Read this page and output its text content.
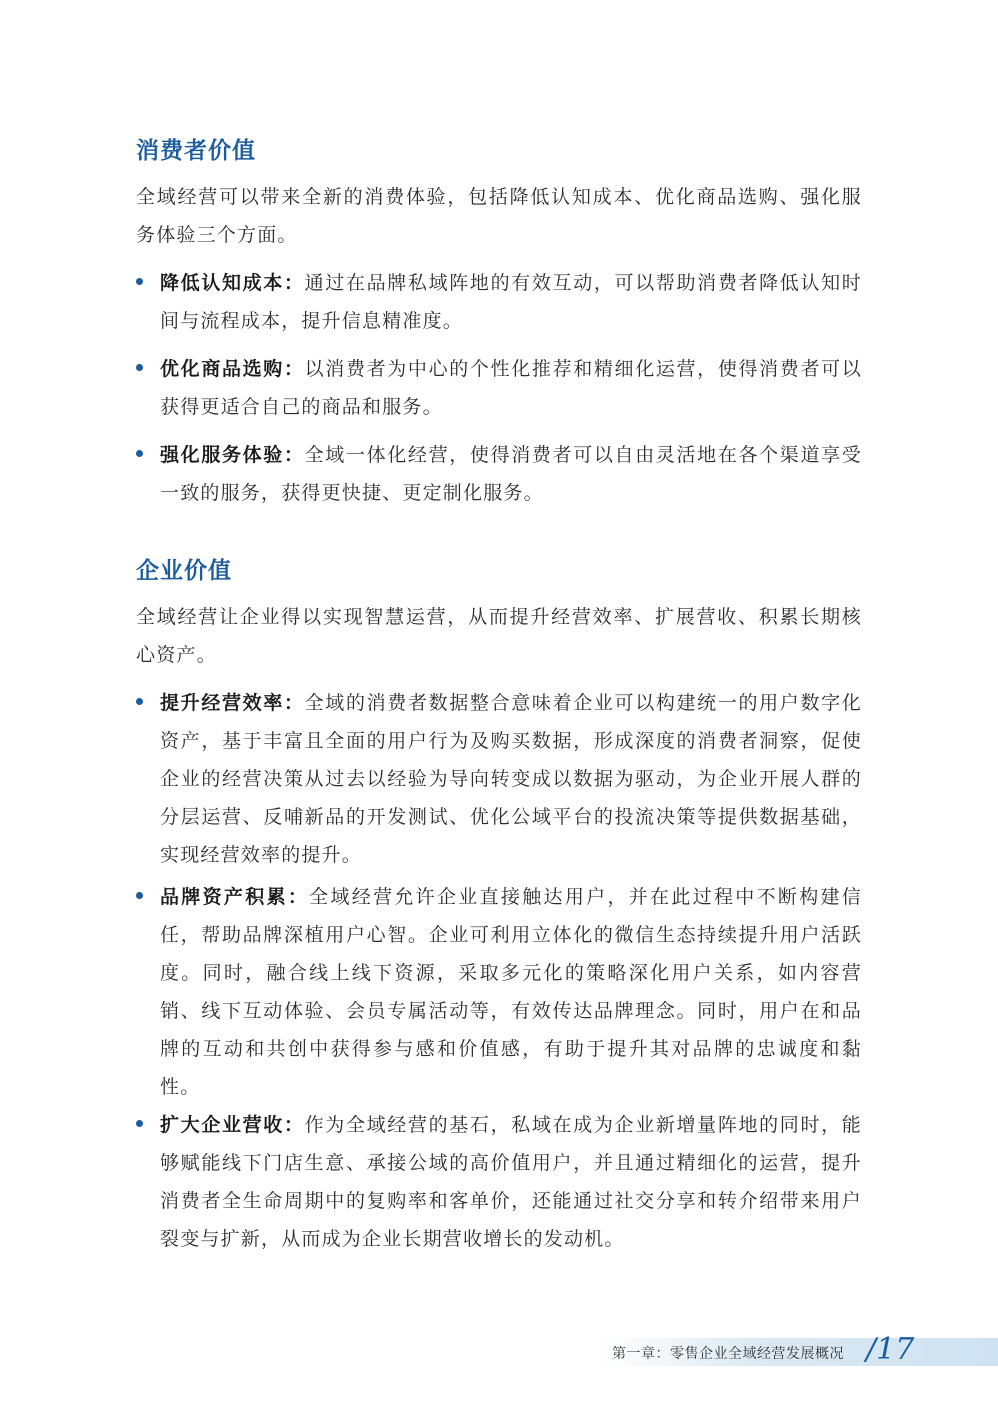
消费者价值

全域经营可以带来全新的消费体验，包括降低认知成本、优化商品选购、强化服务体验三个方面。

降低认知成本：通过在品牌私域阵地的有效互动，可以帮助消费者降低认知时间与流程成本，提升信息精准度。
优化商品选购：以消费者为中心的个性化推荐和精细化运营，使得消费者可以获得更适合自己的商品和服务。
强化服务体验：全域一体化经营，使得消费者可以自由灵活地在各个渠道享受一致的服务，获得更快捷、更定制化服务。
企业价值

全域经营让企业得以实现智慧运营，从而提升经营效率、扩展营收、积累长期核心资产。

提升经营效率：全域的消费者数据整合意味着企业可以构建统一的用户数字化资产，基于丰富且全面的用户行为及购买数据，形成深度的消费者洞察，促使企业的经营决策从过去以经验为导向转变成以数据为驱动，为企业开展人群的分层运营、反哺新品的开发测试、优化公域平台的投流决策等提供数据基础，实现经营效率的提升。
品牌资产积累：全域经营允许企业直接触达用户，并在此过程中不断构建信任，帮助品牌深植用户心智。企业可利用立体化的微信生态持续提升用户活跃度。同时，融合线上线下资源，采取多元化的策略深化用户关系，如内容营销、线下互动体验、会员专属活动等，有效传达品牌理念。同时，用户在和品牌的互动和共创中获得参与感和价值感，有助于提升其对品牌的忠诚度和黏性。
扩大企业营收：作为全域经营的基石，私域在成为企业新增量阵地的同时，能够赋能线下门店生意、承接公域的高价值用户，并且通过精细化的运营，提升消费者全生命周期中的复购率和客单价，还能通过社交分享和转介绍带来用户裂变与扩新，从而成为企业长期营收增长的发动机。
第一章：零售企业全域经营发展概况 /17
